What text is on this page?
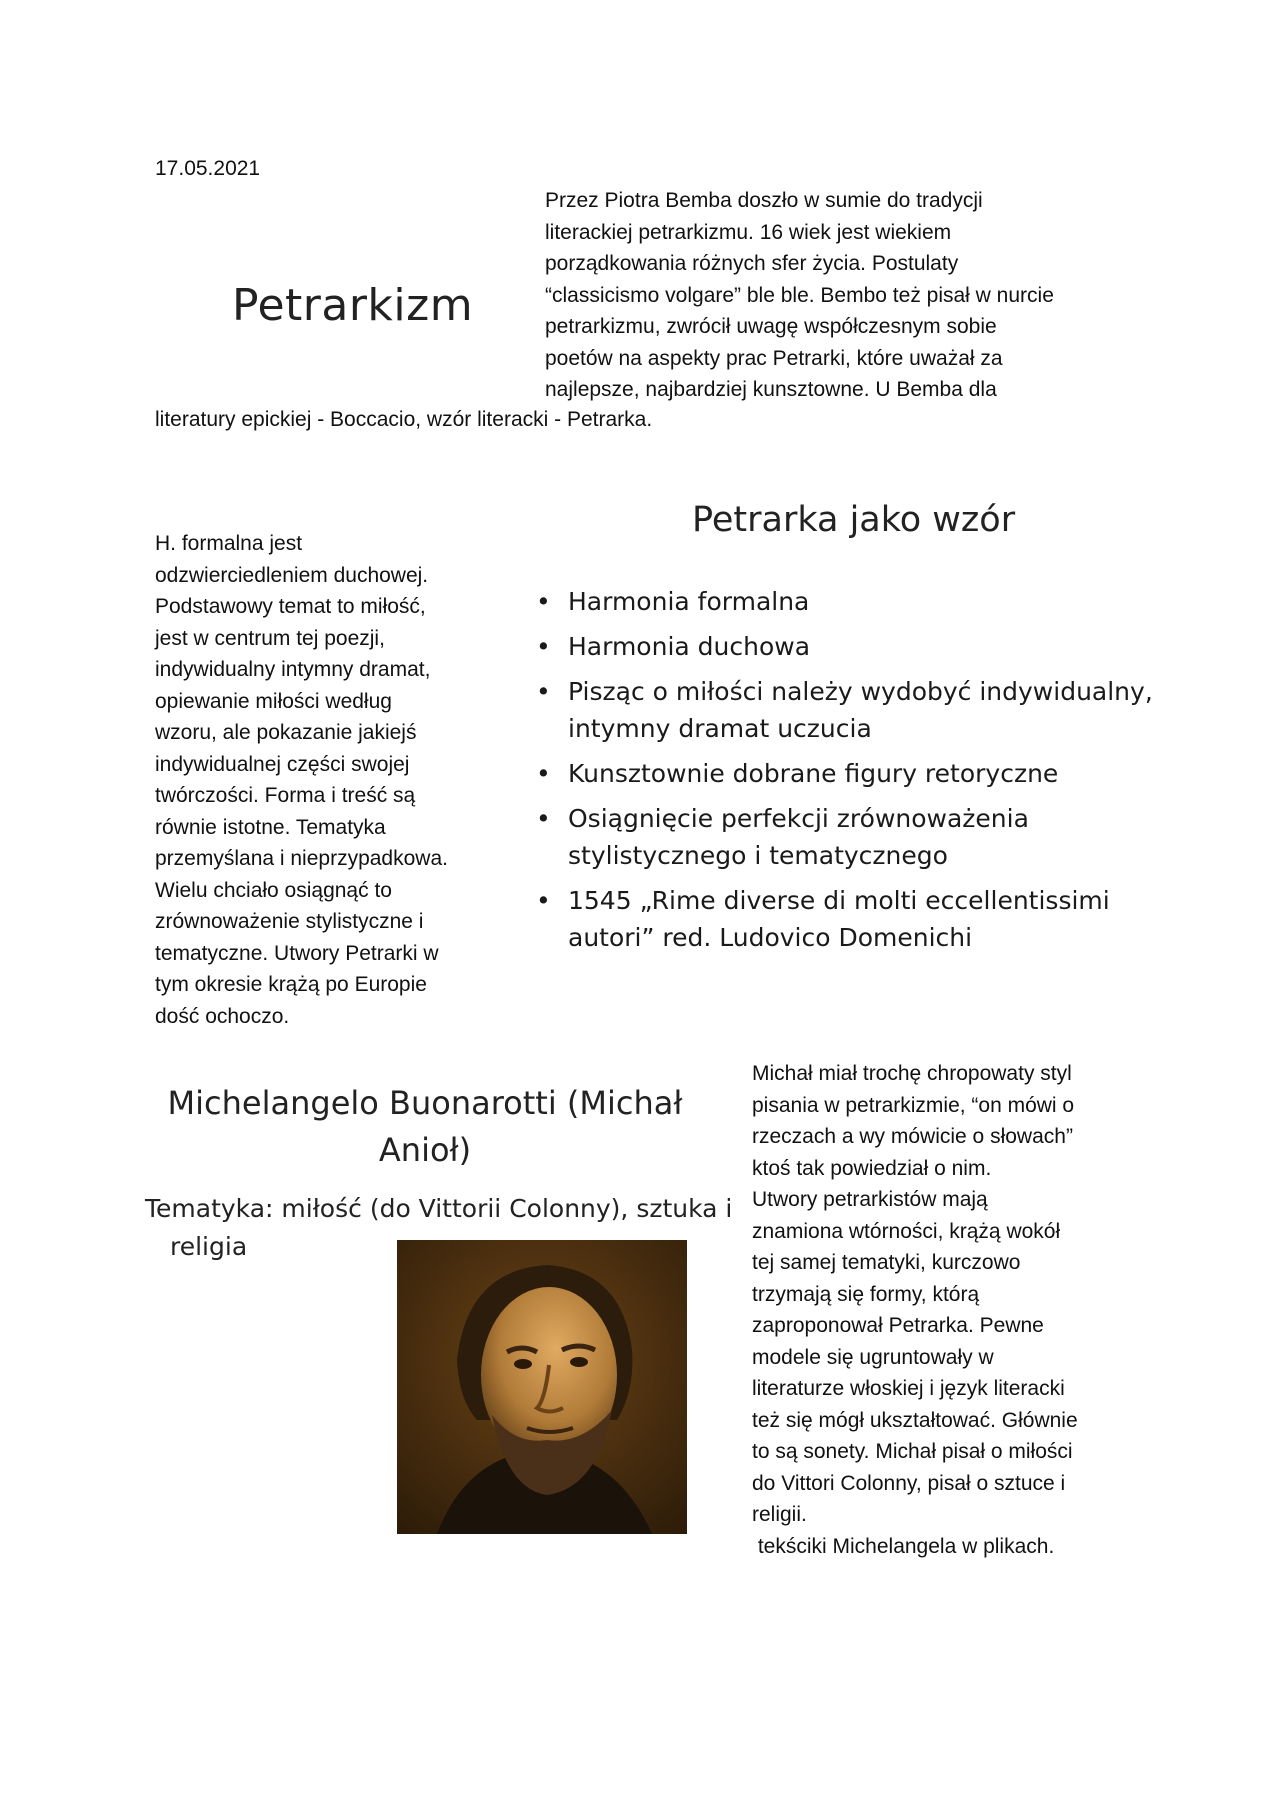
17.05.2021
Petrarkizm
Przez Piotra Bemba doszło w sumie do tradycji
literackiej petrarkizmu. 16 wiek jest wiekiem
porządkowania różnych sfer życia. Postulaty
“classicismo volgare” ble ble. Bembo też pisał w nurcie
petrarkizmu, zwrócił uwagę współczesnym sobie
poetów na aspekty prac Petrarki, które uważał za
najlepsze, najbardziej kunsztowne. U Bemba dla
literatury epickiej - Boccacio, wzór literacki - Petrarka.
H. formalna jest
odzwierciedleniem duchowej.
Podstawowy temat to miłość,
jest w centrum tej poezji,
indywidualny intymny dramat,
opiewanie miłości według
wzoru, ale pokazanie jakiejś
indywidualnej części swojej
twórczości. Forma i treść są
równie istotne. Tematyka
przemyślana i nieprzypadkowa.
Wielu chciało osiągnąć to
zrównoważenie stylistyczne i
tematyczne. Utwory Petrarki w
tym okresie krążą po Europie
dość ochoczo.
Petrarka jako wzór
• Harmonia formalna
• Harmonia duchowa
• Pisząc o miłości należy wydobyć indywidualny,
intymny dramat uczucia
• Kunsztownie dobrane figury retoryczne
• Osiągnięcie perfekcji zrównoważenia
stylistycznego i tematycznego
• 1545 „Rime diverse di molti eccellentissimi
autori” red. Ludovico Domenichi
Michelangelo Buonarotti (Michał
Anioł)
Tematyka: miłość (do Vittorii Colonny), sztuka i
religia
Michał miał trochę chropowaty styl
pisania w petrarkizmie, “on mówi o
rzeczach a wy mówicie o słowach”
ktoś tak powiedział o nim.
Utwory petrarkistów mają
znamiona wtórności, krążą wokół
tej samej tematyki, kurczowo
trzymają się formy, którą
zaproponował Petrarka. Pewne
modele się ugruntowały w
literaturze włoskiej i język literacki
też się mógł ukształtować. Głównie
to są sonety. Michał pisał o miłości
do Vittori Colonny, pisał o sztuce i
religii.
tekściki Michelangela w plikach.
